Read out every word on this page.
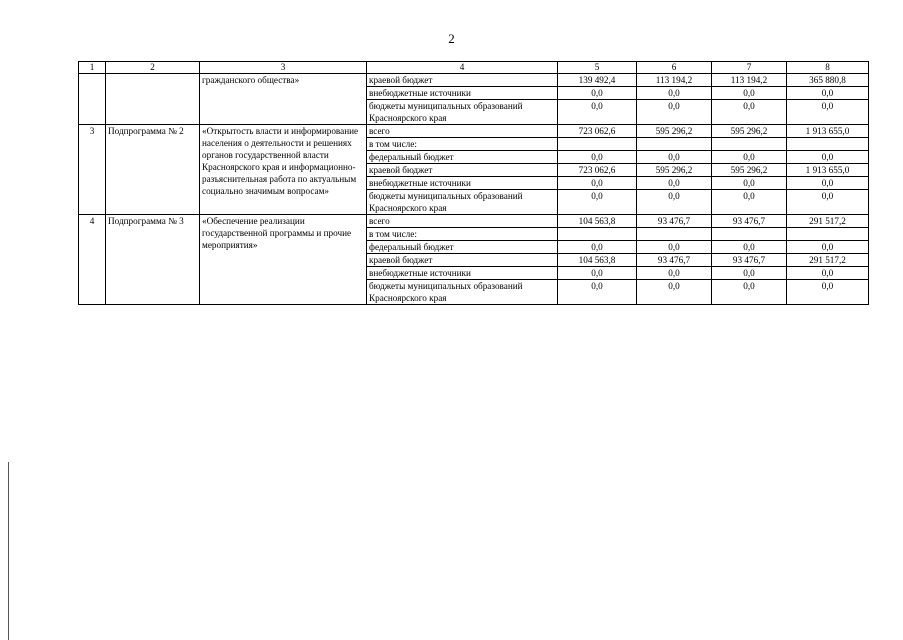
2
1	2	3	4	5	6	7	8
		гражданского общества»	краевой бюджет	139 492,4	113 194,2	113 194,2	365 880,8
			внебюджетные источники	0,0	0,0	0,0	0,0
			бюджеты муниципальных образований Красноярского края	0,0	0,0	0,0	0,0
3	Подпрограмма № 2	«Открытость власти и информирование населения о деятельности и решениях органов государственной власти Красноярского края и информационно-разъяснительная работа по актуальным социально значимым вопросам»	всего	723 062,6	595 296,2	595 296,2	1 913 655,0
			в том числе:				
			федеральный бюджет	0,0	0,0	0,0	0,0
			краевой бюджет	723 062,6	595 296,2	595 296,2	1 913 655,0
			внебюджетные источники	0,0	0,0	0,0	0,0
			бюджеты муниципальных образований Красноярского края	0,0	0,0	0,0	0,0
4	Подпрограмма № 3	«Обеспечение реализации государственной программы и прочие мероприятия»	всего	104 563,8	93 476,7	93 476,7	291 517,2
			в том числе:				
			федеральный бюджет	0,0	0,0	0,0	0,0
			краевой бюджет	104 563,8	93 476,7	93 476,7	291 517,2
			внебюджетные источники	0,0	0,0	0,0	0,0
			бюджеты муниципальных образований Красноярского края	0,0	0,0	0,0	0,0
